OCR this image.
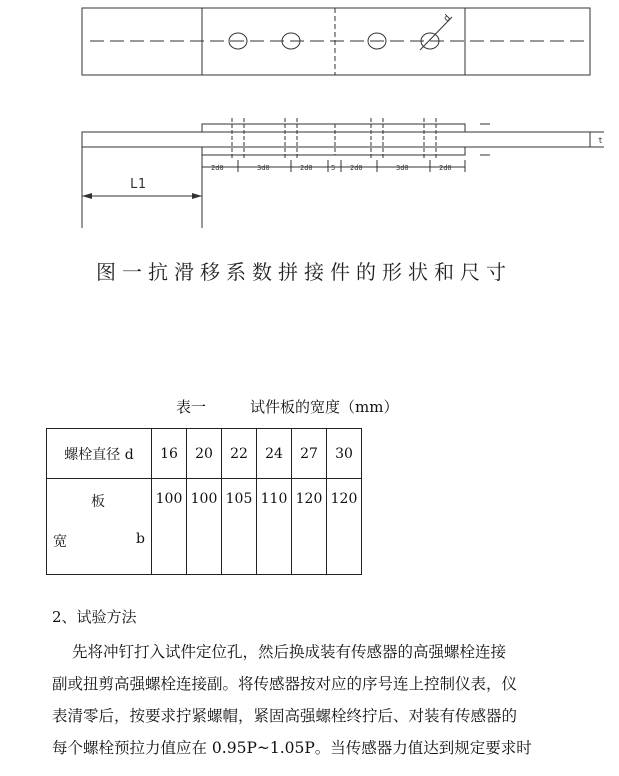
L1
d
2d0	3d0	2d0	5 2d0	3d0	2d0
t
图一抗滑移系数拼接件的形状和尺寸
表一	试件板的宽度（mm）
螺栓直径 d	16	20	22	24	27	30

板
宽 b	100	100	105	110	120	120
2、试验方法
先将冲钉打入试件定位孔，然后换成装有传感器的高强螺栓连接
副或扭剪高强螺栓连接副。将传感器按对应的序号连上控制仪表，仪
表清零后，按要求拧紧螺帽，紧固高强螺栓终拧后、对装有传感器的
每个螺栓预拉力值应在 0.95P~1.05P。当传感器力值达到规定要求时
